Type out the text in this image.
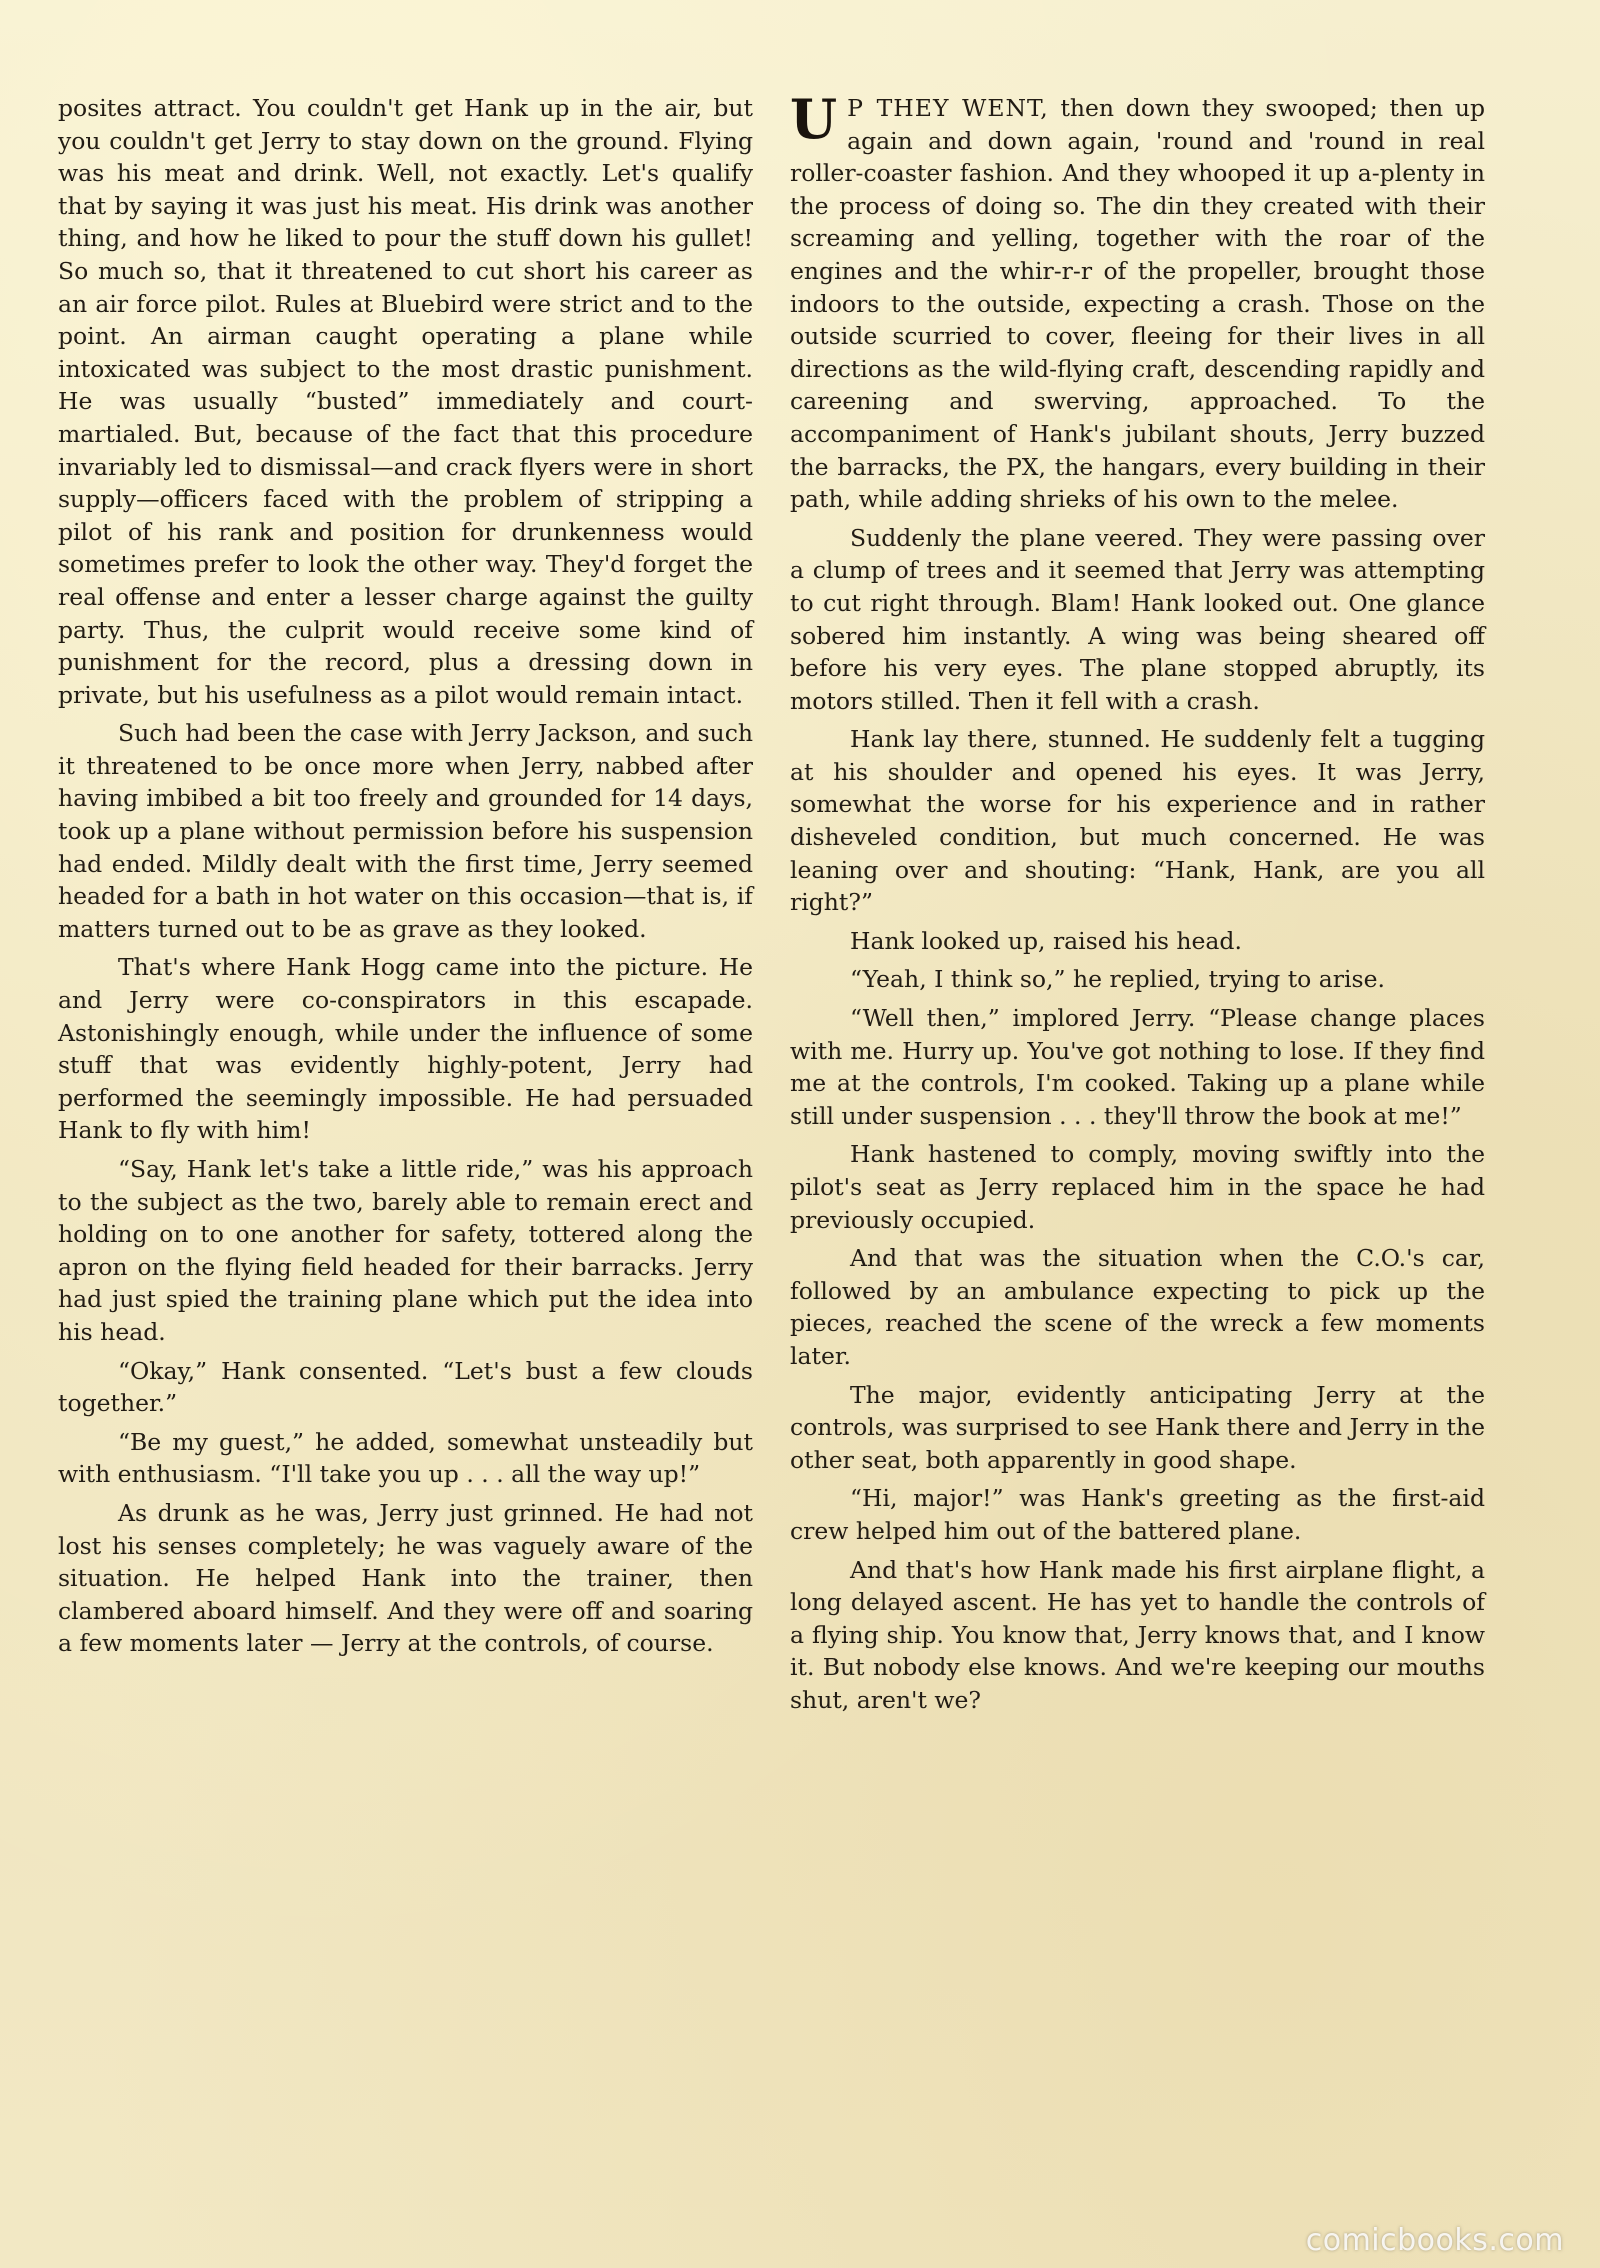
posites attract. You couldn't get Hank up in the air, but you couldn't get Jerry to stay down on the ground. Flying was his meat and drink. Well, not exactly. Let's qualify that by saying it was just his meat. His drink was another thing, and how he liked to pour the stuff down his gullet! So much so, that it threatened to cut short his career as an air force pilot. Rules at Bluebird were strict and to the point. An airman caught operating a plane while intoxicated was subject to the most drastic punishment. He was usually “busted” immediately and court-martialed. But, because of the fact that this procedure invariably led to dismissal—and crack flyers were in short supply—officers faced with the problem of stripping a pilot of his rank and position for drunkenness would sometimes prefer to look the other way. They'd forget the real offense and enter a lesser charge against the guilty party. Thus, the culprit would receive some kind of punishment for the record, plus a dressing down in private, but his usefulness as a pilot would remain intact.

Such had been the case with Jerry Jackson, and such it threatened to be once more when Jerry, nabbed after having imbibed a bit too freely and grounded for 14 days, took up a plane without permission before his suspension had ended. Mildly dealt with the first time, Jerry seemed headed for a bath in hot water on this occasion—that is, if matters turned out to be as grave as they looked.

That's where Hank Hogg came into the picture. He and Jerry were co-conspirators in this escapade. Astonishingly enough, while under the influence of some stuff that was evidently highly-potent, Jerry had performed the seemingly impossible. He had persuaded Hank to fly with him!

“Say, Hank let's take a little ride,” was his approach to the subject as the two, barely able to remain erect and holding on to one another for safety, tottered along the apron on the flying field headed for their barracks. Jerry had just spied the training plane which put the idea into his head.

“Okay,” Hank consented. “Let's bust a few clouds together.”

“Be my guest,” he added, somewhat unsteadily but with enthusiasm. “I'll take you up . . . all the way up!”

As drunk as he was, Jerry just grinned. He had not lost his senses completely; he was vaguely aware of the situation. He helped Hank into the trainer, then clambered aboard himself. And they were off and soaring a few moments later — Jerry at the controls, of course.

U P THEY WENT, then down they swooped; then up again and down again, 'round and 'round in real roller-coaster fashion. And they whooped it up a-plenty in the process of doing so. The din they created with their screaming and yelling, together with the roar of the engines and the whir-r-r of the propeller, brought those indoors to the outside, expecting a crash. Those on the outside scurried to cover, fleeing for their lives in all directions as the wild-flying craft, descending rapidly and careening and swerving, approached. To the accompaniment of Hank's jubilant shouts, Jerry buzzed the barracks, the PX, the hangars, every building in their path, while adding shrieks of his own to the melee.

Suddenly the plane veered. They were passing over a clump of trees and it seemed that Jerry was attempting to cut right through. Blam! Hank looked out. One glance sobered him instantly. A wing was being sheared off before his very eyes. The plane stopped abruptly, its motors stilled. Then it fell with a crash.

Hank lay there, stunned. He suddenly felt a tugging at his shoulder and opened his eyes. It was Jerry, somewhat the worse for his experience and in rather disheveled condition, but much concerned. He was leaning over and shouting: “Hank, Hank, are you all right?”

Hank looked up, raised his head.

“Yeah, I think so,” he replied, trying to arise.

“Well then,” implored Jerry. “Please change places with me. Hurry up. You've got nothing to lose. If they find me at the controls, I'm cooked. Taking up a plane while still under suspension . . . they'll throw the book at me!”

Hank hastened to comply, moving swiftly into the pilot's seat as Jerry replaced him in the space he had previously occupied.

And that was the situation when the C.O.'s car, followed by an ambulance expecting to pick up the pieces, reached the scene of the wreck a few moments later.

The major, evidently anticipating Jerry at the controls, was surprised to see Hank there and Jerry in the other seat, both apparently in good shape.

“Hi, major!” was Hank's greeting as the first-aid crew helped him out of the battered plane.

And that's how Hank made his first airplane flight, a long delayed ascent. He has yet to handle the controls of a flying ship. You know that, Jerry knows that, and I know it. But nobody else knows. And we're keeping our mouths shut, aren't we?

comicbooks.com
